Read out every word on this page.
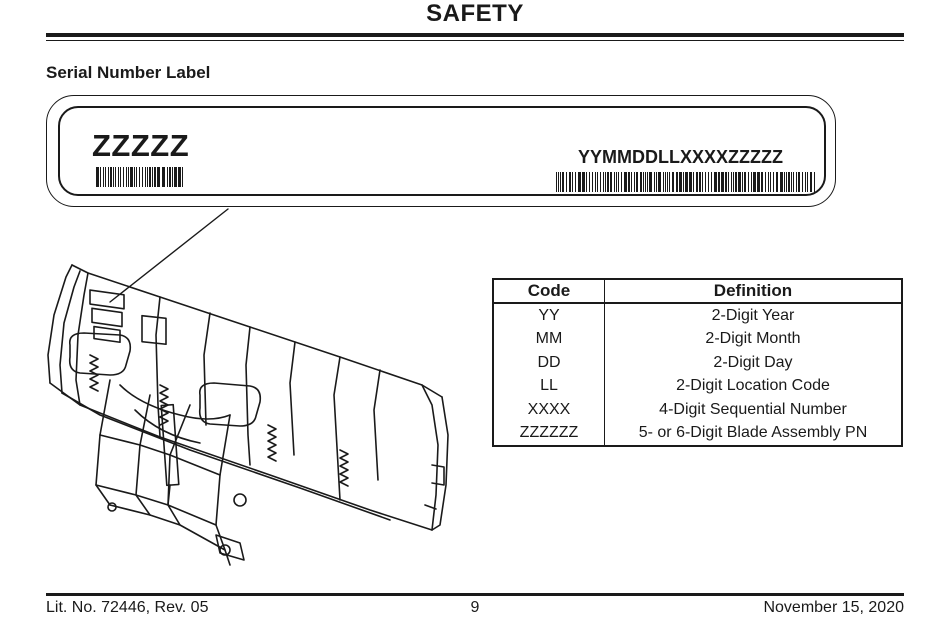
SAFETY
Serial Number Label
ZZZZZ	YYMMDDLLXXXXZZZZZ
Code	Definition
YY	2-Digit Year
MM	2-Digit Month
DD	2-Digit Day
LL	2-Digit Location Code
XXXX	4-Digit Sequential Number
ZZZZZZ	5- or 6-Digit Blade Assembly PN
Lit. No. 72446, Rev. 05	9	November 15, 2020
